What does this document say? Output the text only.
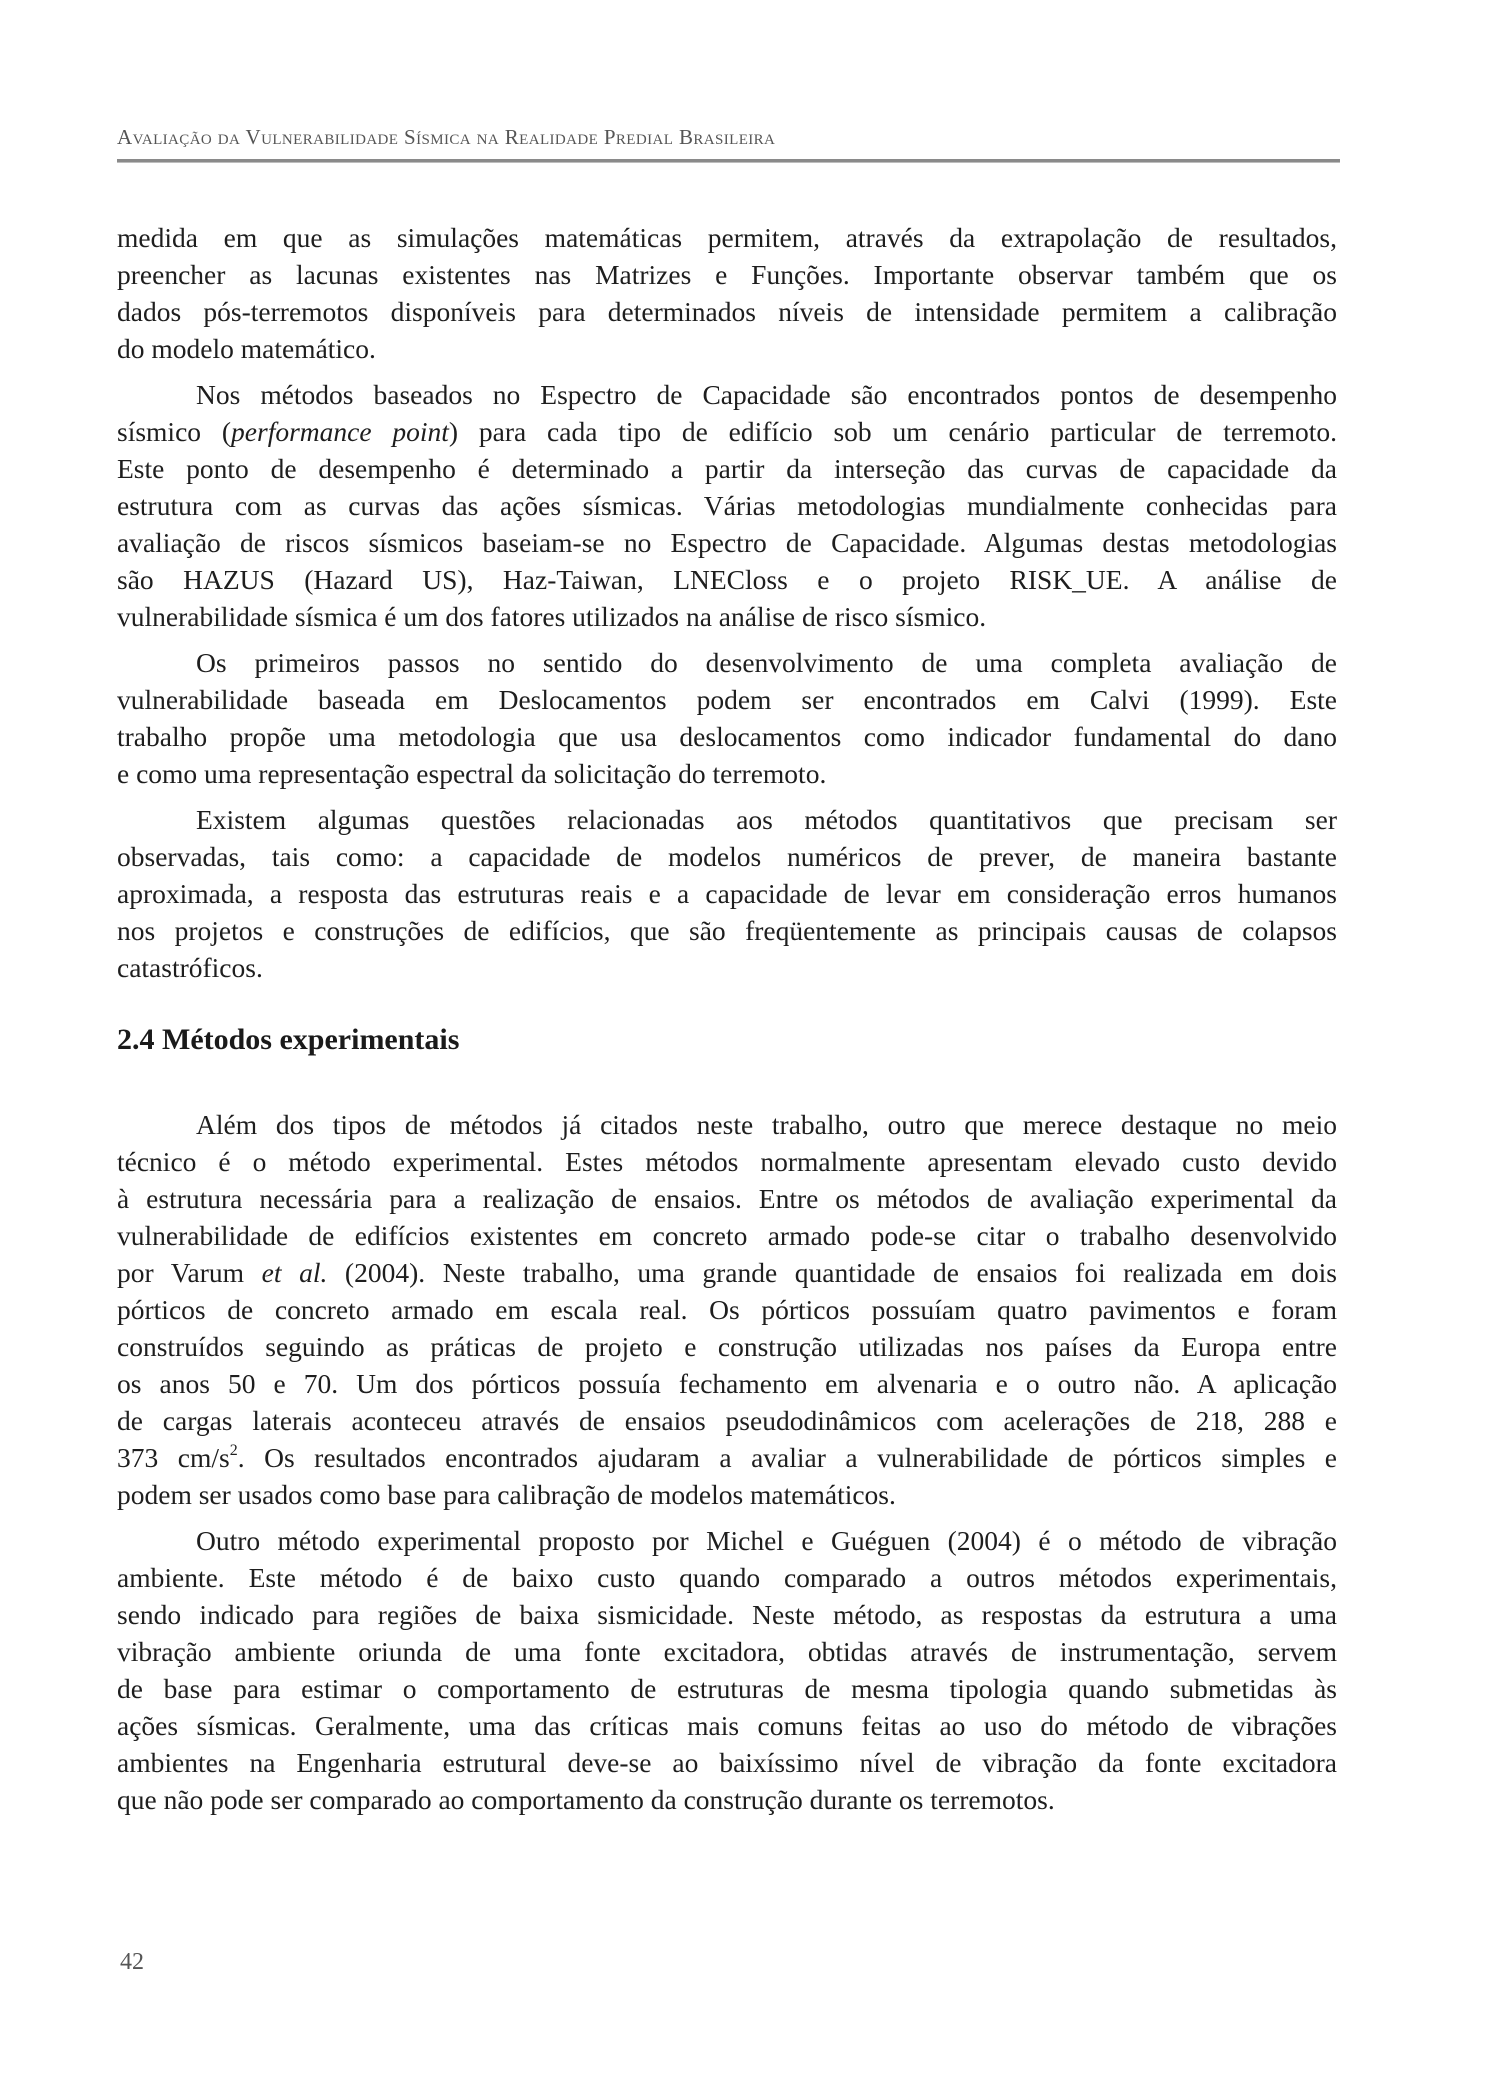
Avaliação da Vulnerabilidade Sísmica na Realidade Predial Brasileira
medida em que as simulações matemáticas permitem, através da extrapolação de resultados,
preencher as lacunas existentes nas Matrizes e Funções. Importante observar também que os
dados pós-terremotos disponíveis para determinados níveis de intensidade permitem a calibração
do modelo matemático.
Nos métodos baseados no Espectro de Capacidade são encontrados pontos de desempenho
sísmico (performance point) para cada tipo de edifício sob um cenário particular de terremoto.
Este ponto de desempenho é determinado a partir da interseção das curvas de capacidade da
estrutura com as curvas das ações sísmicas. Várias metodologias mundialmente conhecidas para
avaliação de riscos sísmicos baseiam-se no Espectro de Capacidade. Algumas destas metodologias
são HAZUS (Hazard US), Haz-Taiwan, LNECloss e o projeto RISK_UE. A análise de
vulnerabilidade sísmica é um dos fatores utilizados na análise de risco sísmico.
Os primeiros passos no sentido do desenvolvimento de uma completa avaliação de
vulnerabilidade baseada em Deslocamentos podem ser encontrados em Calvi (1999). Este
trabalho propõe uma metodologia que usa deslocamentos como indicador fundamental do dano
e como uma representação espectral da solicitação do terremoto.
Existem algumas questões relacionadas aos métodos quantitativos que precisam ser
observadas, tais como: a capacidade de modelos numéricos de prever, de maneira bastante
aproximada, a resposta das estruturas reais e a capacidade de levar em consideração erros humanos
nos projetos e construções de edifícios, que são freqüentemente as principais causas de colapsos
catastróficos.
2.4 Métodos experimentais
Além dos tipos de métodos já citados neste trabalho, outro que merece destaque no meio
técnico é o método experimental. Estes métodos normalmente apresentam elevado custo devido
à estrutura necessária para a realização de ensaios. Entre os métodos de avaliação experimental da
vulnerabilidade de edifícios existentes em concreto armado pode-se citar o trabalho desenvolvido
por Varum et al. (2004). Neste trabalho, uma grande quantidade de ensaios foi realizada em dois
pórticos de concreto armado em escala real. Os pórticos possuíam quatro pavimentos e foram
construídos seguindo as práticas de projeto e construção utilizadas nos países da Europa entre
os anos 50 e 70. Um dos pórticos possuía fechamento em alvenaria e o outro não. A aplicação
de cargas laterais aconteceu através de ensaios pseudodinâmicos com acelerações de 218, 288 e
373 $cm/s^2$. Os resultados encontrados ajudaram a avaliar a vulnerabilidade de pórticos simples e
podem ser usados como base para calibração de modelos matemáticos.
Outro método experimental proposto por Michel e Guéguen (2004) é o método de vibração
ambiente. Este método é de baixo custo quando comparado a outros métodos experimentais,
sendo indicado para regiões de baixa sismicidade. Neste método, as respostas da estrutura a uma
vibração ambiente oriunda de uma fonte excitadora, obtidas através de instrumentação, servem
de base para estimar o comportamento de estruturas de mesma tipologia quando submetidas às
ações sísmicas. Geralmente, uma das críticas mais comuns feitas ao uso do método de vibrações
ambientes na Engenharia estrutural deve-se ao baixíssimo nível de vibração da fonte excitadora
que não pode ser comparado ao comportamento da construção durante os terremotos.
42
